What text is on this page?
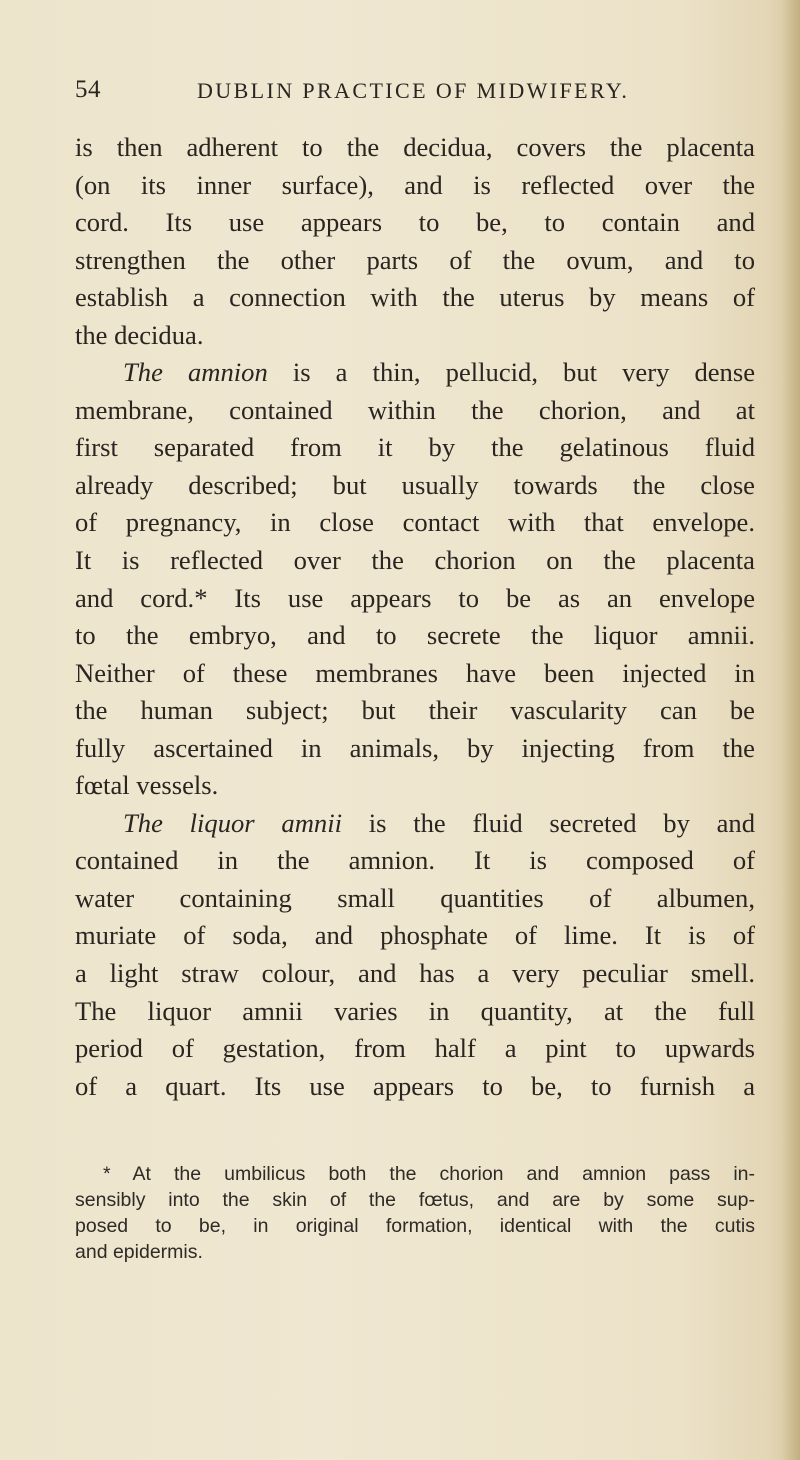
54	DUBLIN PRACTICE OF MIDWIFERY.
is then adherent to the decidua, covers the placenta
(on its inner surface), and is reflected over the
cord. Its use appears to be, to contain and
strengthen the other parts of the ovum, and to
establish a connection with the uterus by means of
the decidua.
The amnion is a thin, pellucid, but very dense
membrane, contained within the chorion, and at
first separated from it by the gelatinous fluid
already described; but usually towards the close
of pregnancy, in close contact with that envelope.
It is reflected over the chorion on the placenta
and cord.* Its use appears to be as an envelope
to the embryo, and to secrete the liquor amnii.
Neither of these membranes have been injected in
the human subject; but their vascularity can be
fully ascertained in animals, by injecting from the
fœtal vessels.
The liquor amnii is the fluid secreted by and
contained in the amnion. It is composed of
water containing small quantities of albumen,
muriate of soda, and phosphate of lime. It is of
a light straw colour, and has a very peculiar smell.
The liquor amnii varies in quantity, at the full
period of gestation, from half a pint to upwards
of a quart. Its use appears to be, to furnish a
* At the umbilicus both the chorion and amnion pass in-
sensibly into the skin of the fœtus, and are by some sup-
posed to be, in original formation, identical with the cutis
and epidermis.
